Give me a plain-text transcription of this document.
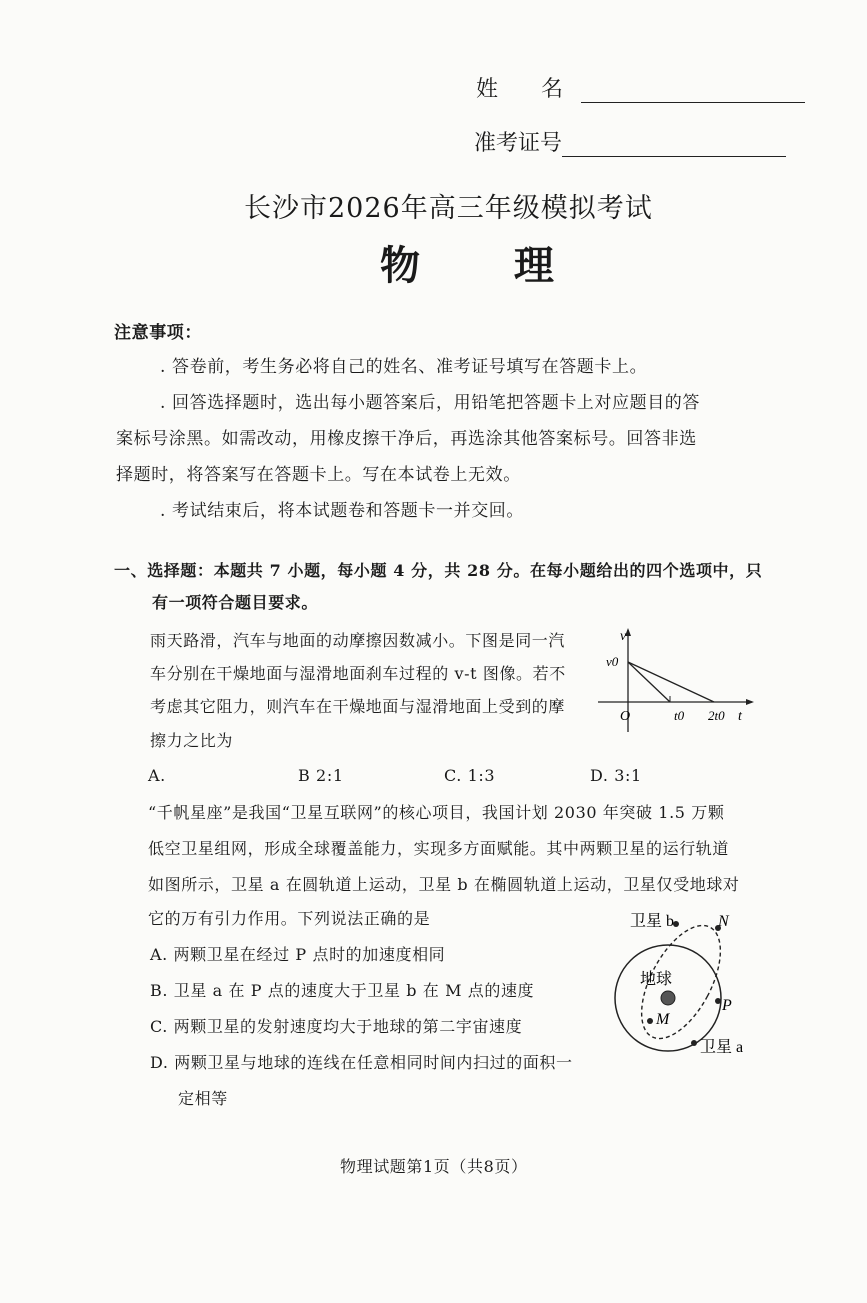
姓 名
准考证号
长沙市2026年高三年级模拟考试
物 理
注意事项：
. 答卷前，考生务必将自己的姓名、准考证号填写在答题卡上。
. 回答选择题时，选出每小题答案后，用铅笔把答题卡上对应题目的答
案标号涂黑。如需改动，用橡皮擦干净后，再选涂其他答案标号。回答非选
择题时，将答案写在答题卡上。写在本试卷上无效。
. 考试结束后，将本试题卷和答题卡一并交回。
一、选择题：本题共 7 小题，每小题 4 分，共 28 分。在每小题给出的四个选项中，只
有一项符合题目要求。
雨天路滑，汽车与地面的动摩擦因数减小。下图是同一汽
车分别在干燥地面与湿滑地面刹车过程的 v-t 图像。若不
考虑其它阻力，则汽车在干燥地面与湿滑地面上受到的摩
擦力之比为
v
v0
O	t0 2t0 t
A.	B 2:1	C. 1:3	D. 3:1
“千帆星座”是我国“卫星互联网”的核心项目，我国计划 2030 年突破 1.5 万颗
低空卫星组网，形成全球覆盖能力，实现多方面赋能。其中两颗卫星的运行轨道
如图所示，卫星 a 在圆轨道上运动，卫星 b 在椭圆轨道上运动，卫星仅受地球对
它的万有引力作用。下列说法正确的是
A. 两颗卫星在经过 P 点时的加速度相同
B. 卫星 a 在 P 点的速度大于卫星 b 在 M 点的速度
C. 两颗卫星的发射速度均大于地球的第二宇宙速度
D. 两颗卫星与地球的连线在任意相同时间内扫过的面积一
定相等
卫星 b	N
地球
P
M
卫星 a
物理试题第1页（共8页）
